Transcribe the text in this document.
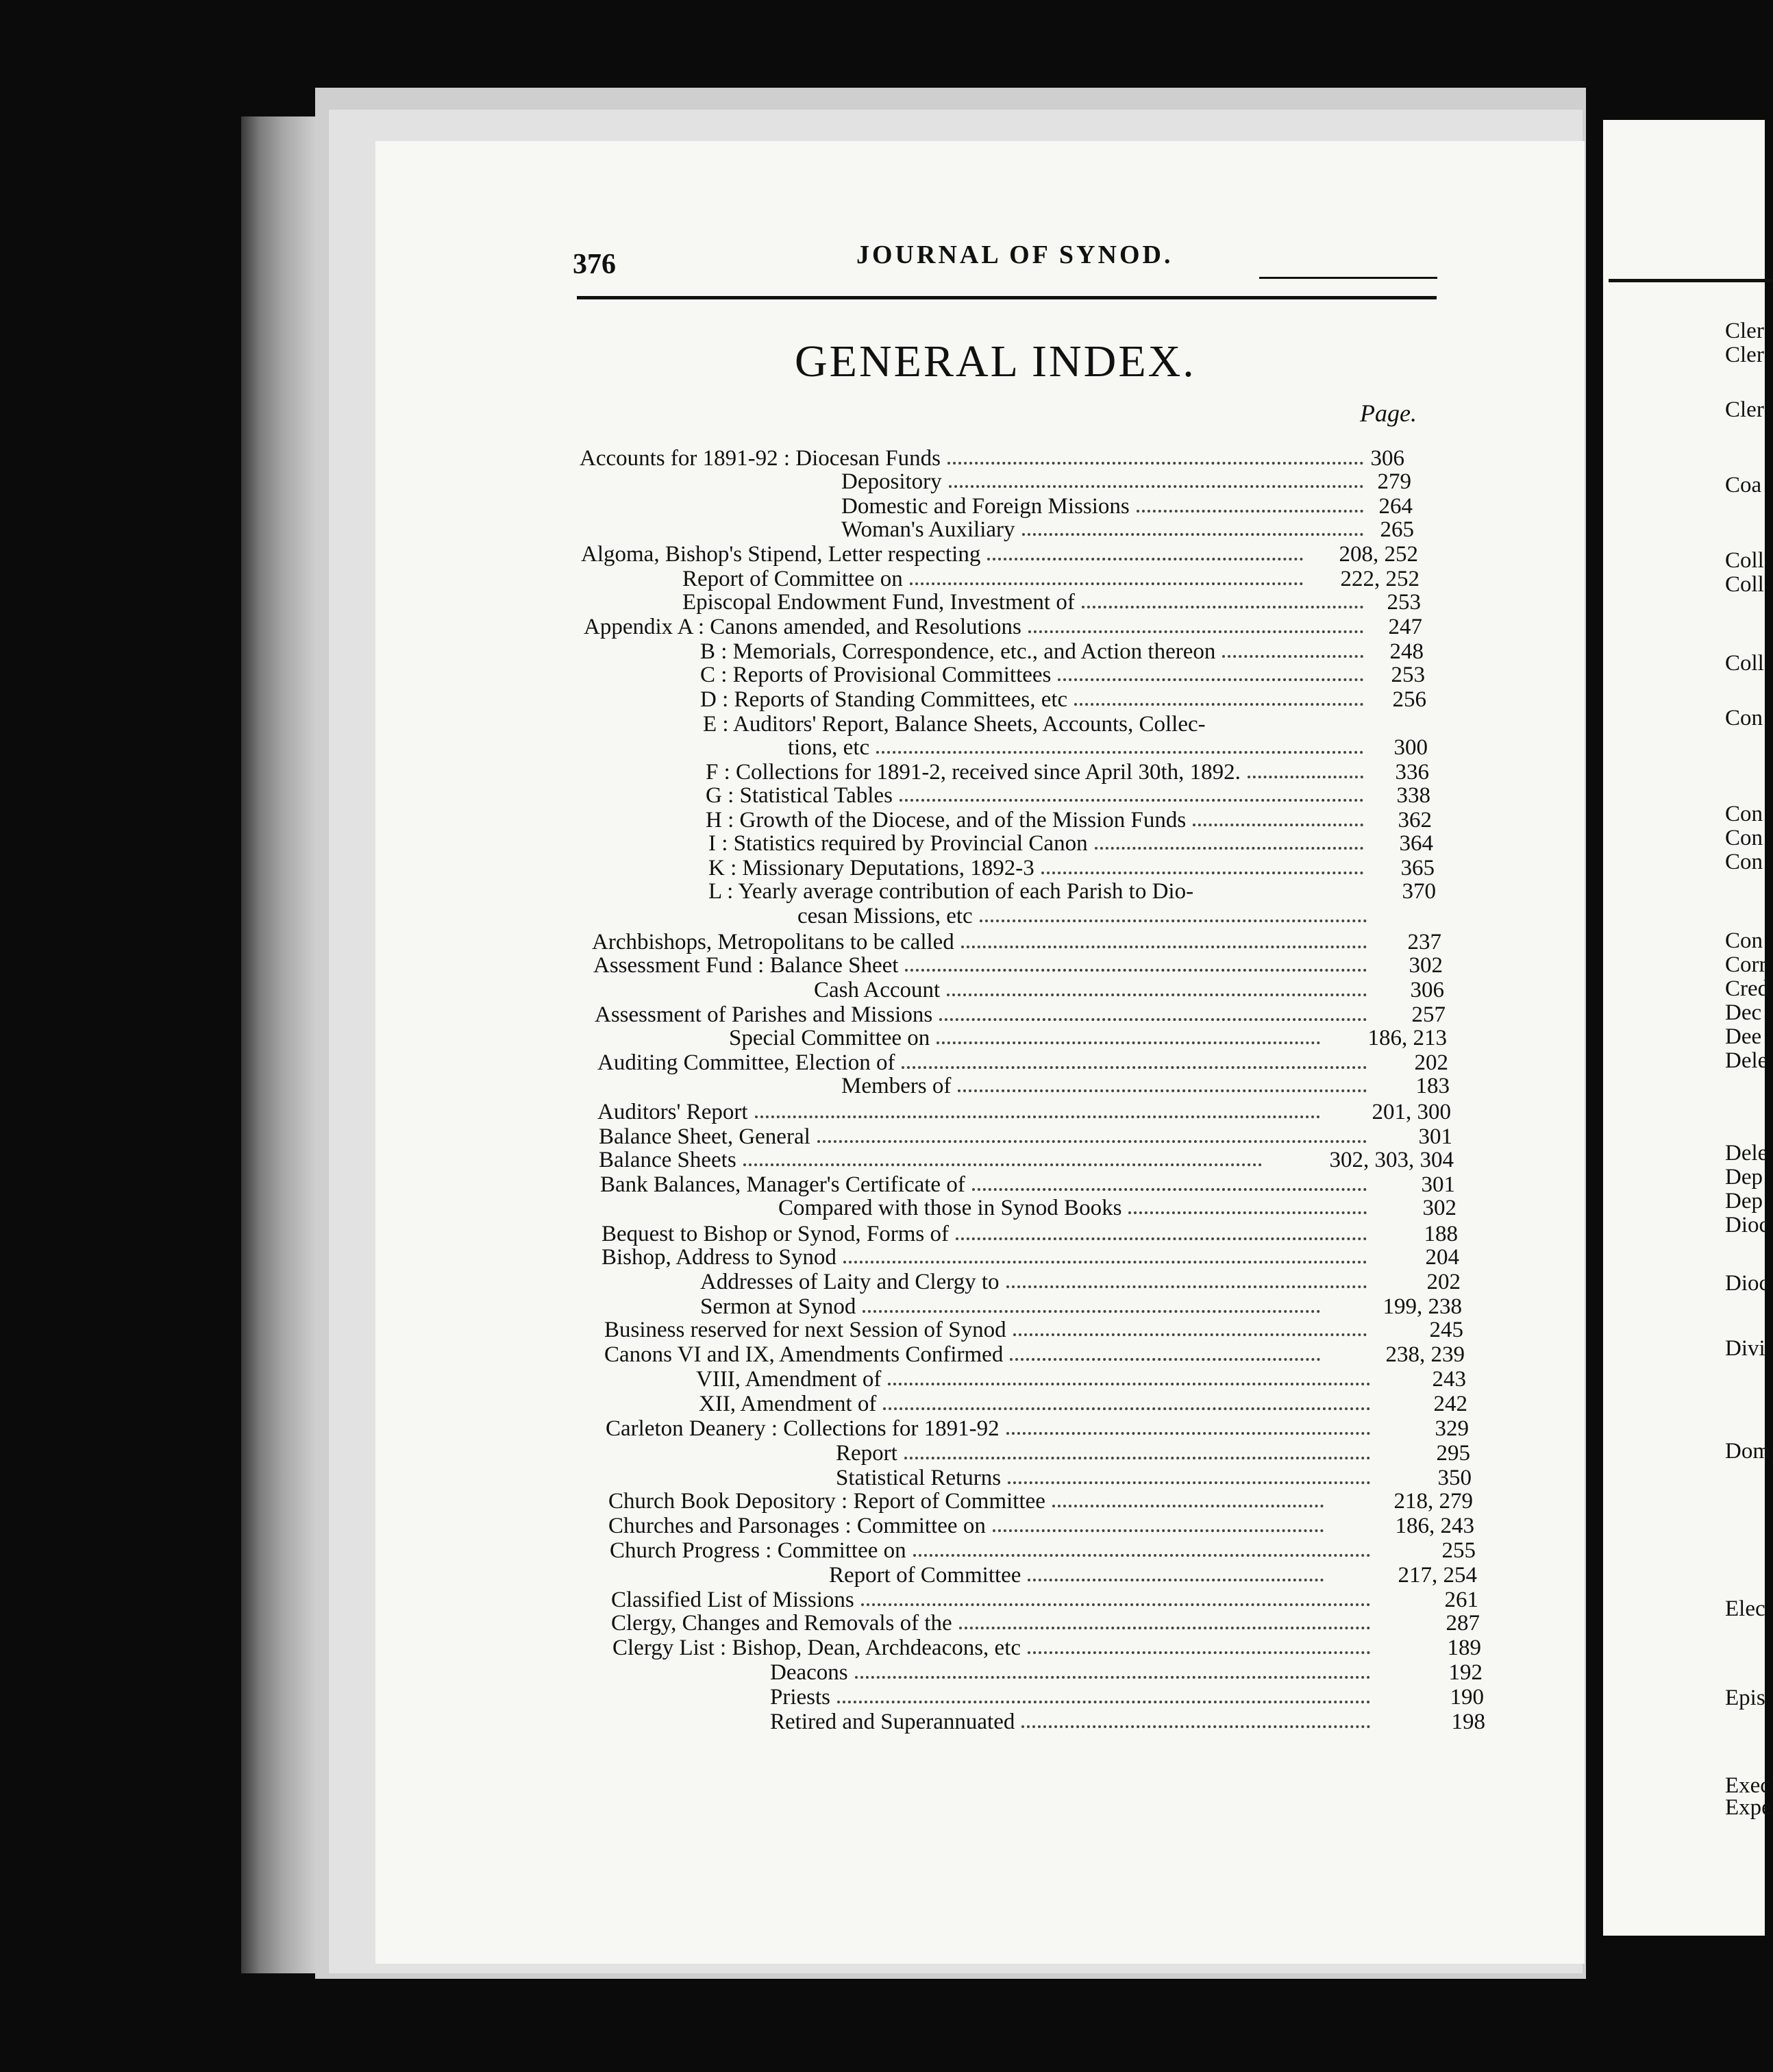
376	JOURNAL OF SYNOD.
GENERAL INDEX.
Page.
Accounts for 1891-92 : Diocesan Funds	306
Depository	279
Domestic and Foreign Missions	264
Woman's Auxiliary	265
Algoma, Bishop's Stipend, Letter respecting	208, 252
Report of Committee on	222, 252
Episcopal Endowment Fund, Investment of	253
Appendix A : Canons amended, and Resolutions	247
B : Memorials, Correspondence, etc., and Action thereon	248
C : Reports of Provisional Committees	253
D : Reports of Standing Committees, etc	256
E : Auditors' Report, Balance Sheets, Accounts, Collec-
tions, etc	300
F : Collections for 1891-2, received since April 30th, 1892.	336
G : Statistical Tables	338
H : Growth of the Diocese, and of the Mission Funds	362
I : Statistics required by Provincial Canon	364
K : Missionary Deputations, 1892-3	365
L : Yearly average contribution of each Parish to Dio-	370
cesan Missions, etc
Archbishops, Metropolitans to be called	237
Assessment Fund : Balance Sheet	302
Cash Account	306
Assessment of Parishes and Missions	257
Special Committee on	186, 213
Auditing Committee, Election of	202
Members of	183
Auditors' Report	201, 300
Balance Sheet, General	301
Balance Sheets	302, 303, 304
Bank Balances, Manager's Certificate of	301
Compared with those in Synod Books	302
Bequest to Bishop or Synod, Forms of	188
Bishop, Address to Synod	204
Addresses of Laity and Clergy to	202
Sermon at Synod	199, 238
Business reserved for next Session of Synod	245
Canons VI and IX, Amendments Confirmed	238, 239
VIII, Amendment of	243
XII, Amendment of	242
Carleton Deanery : Collections for 1891-92	329
Report	295
Statistical Returns	350
Church Book Depository : Report of Committee	218, 279
Churches and Parsonages : Committee on	186, 243
Church Progress : Committee on	255
Report of Committee	217, 254
Classified List of Missions	261
Clergy, Changes and Removals of the	287
Clergy List : Bishop, Dean, Archdeacons, etc	189
Deacons	192
Priests	190
Retired and Superannuated	198
Cler
Cler
Cler
Coa
Coll
Coll
Coll
Con
Con
Con
Con
Con
Corr
Cred
Dec
Dee
Dele
Dele
Dep
Dep
Dioc
Dioc
Divi
Dom
Elec
Epis
Exec
Expe
